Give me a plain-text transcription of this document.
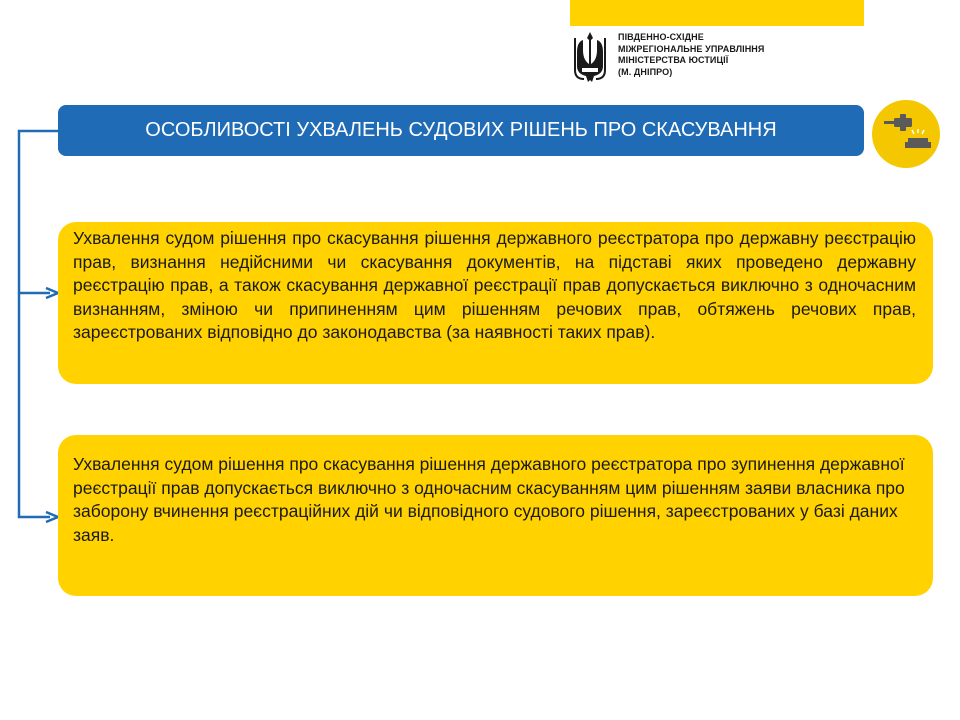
ПІВДЕННО-СХІДНЕ
МІЖРЕГІОНАЛЬНЕ УПРАВЛІННЯ
МІНІСТЕРСТВА ЮСТИЦІЇ
(М. ДНІПРО)
ОСОБЛИВОСТІ УХВАЛЕНЬ СУДОВИХ РІШЕНЬ ПРО СКАСУВАННЯ
Ухвалення судом рішення про скасування рішення державного реєстратора про державну реєстрацію прав, визнання недійсними чи скасування документів, на підставі яких проведено державну реєстрацію прав, а також скасування державної реєстрації прав допускається виключно з одночасним визнанням, зміною чи припиненням цим рішенням речових прав, обтяжень речових прав, зареєстрованих відповідно до законодавства (за наявності таких прав).
Ухвалення судом рішення про скасування рішення державного реєстратора про зупинення державної реєстрації прав допускається виключно з одночасним скасуванням цим рішенням заяви власника про заборону вчинення реєстраційних дій чи відповідного судового рішення, зареєстрованих у базі даних заяв.
